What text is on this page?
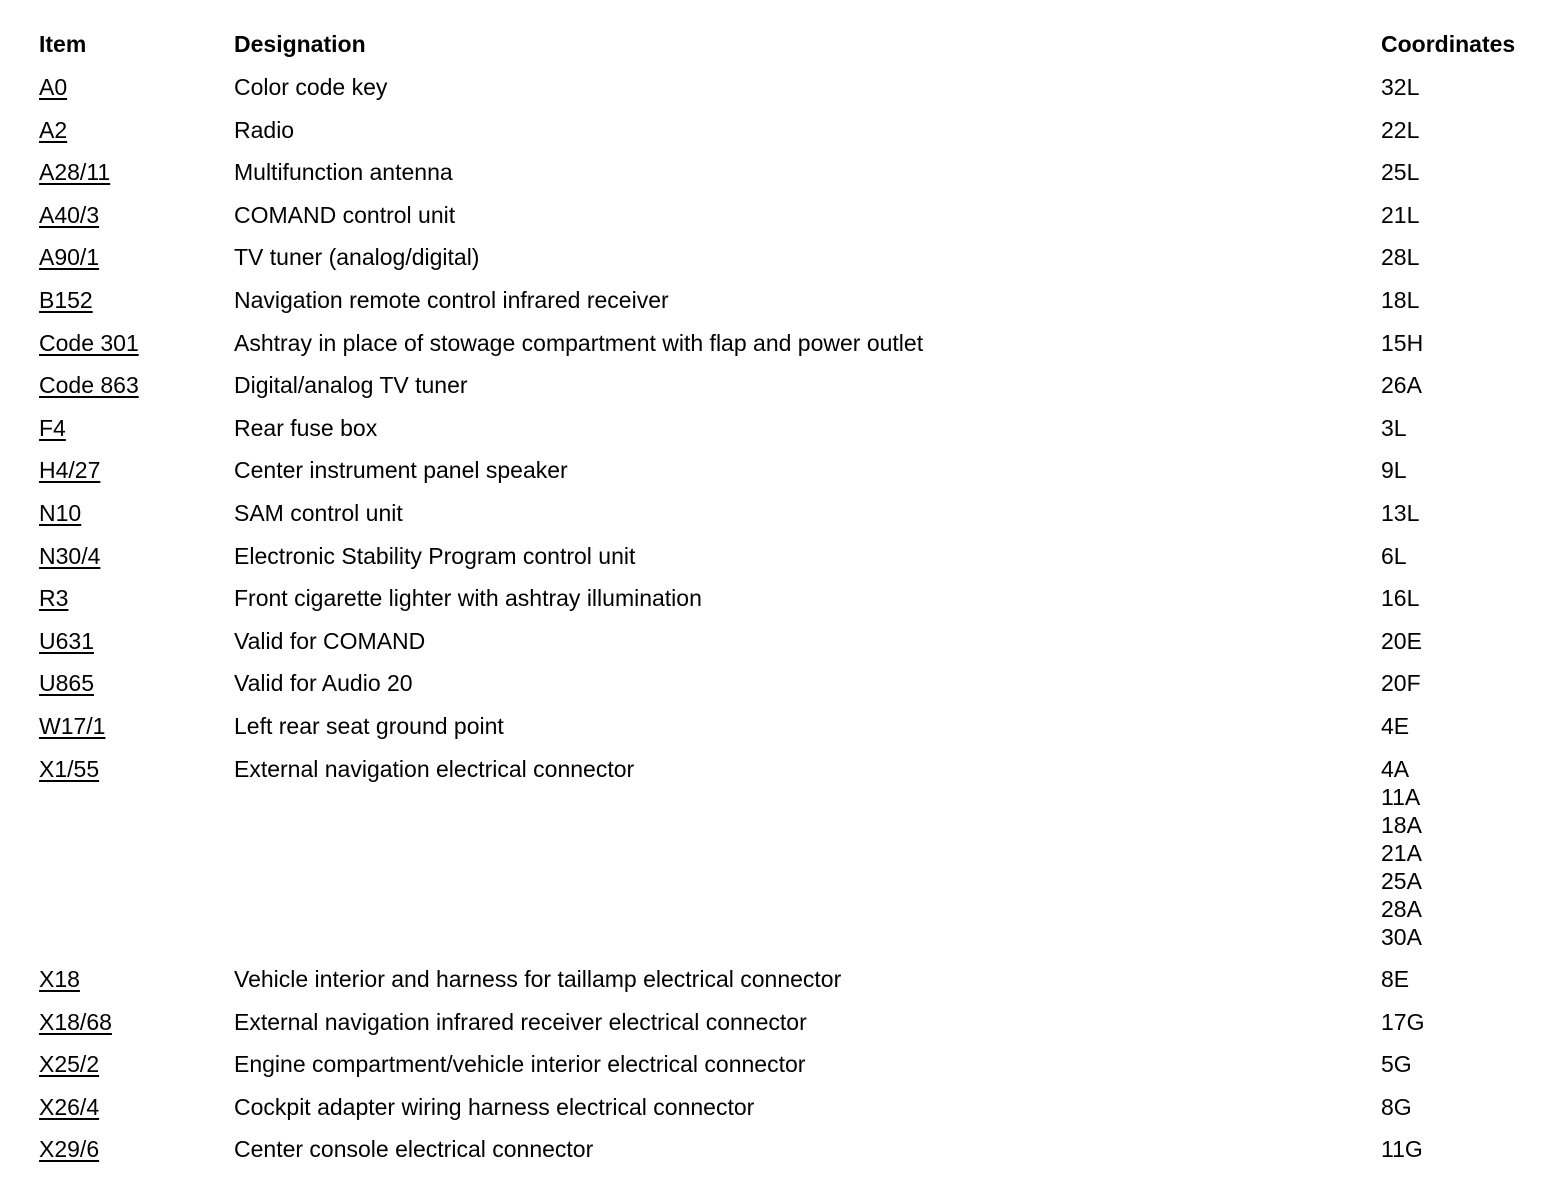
Item	Designation	Coordinates
A0	Color code key	32L
A2	Radio	22L
A28/11	Multifunction antenna	25L
A40/3	COMAND control unit	21L
A90/1	TV tuner (analog/digital)	28L
B152	Navigation remote control infrared receiver	18L
Code 301	Ashtray in place of stowage compartment with flap and power outlet	15H
Code 863	Digital/analog TV tuner	26A
F4	Rear fuse box	3L
H4/27	Center instrument panel speaker	9L
N10	SAM control unit	13L
N30/4	Electronic Stability Program control unit	6L
R3	Front cigarette lighter with ashtray illumination	16L
U631	Valid for COMAND	20E
U865	Valid for Audio 20	20F
W17/1	Left rear seat ground point	4E
X1/55	External navigation electrical connector	4A
11A
18A
21A
25A
28A
30A
X18	Vehicle interior and harness for taillamp electrical connector	8E
X18/68	External navigation infrared receiver electrical connector	17G
X25/2	Engine compartment/vehicle interior electrical connector	5G
X26/4	Cockpit adapter wiring harness electrical connector	8G
X29/6	Center console electrical connector	11G
